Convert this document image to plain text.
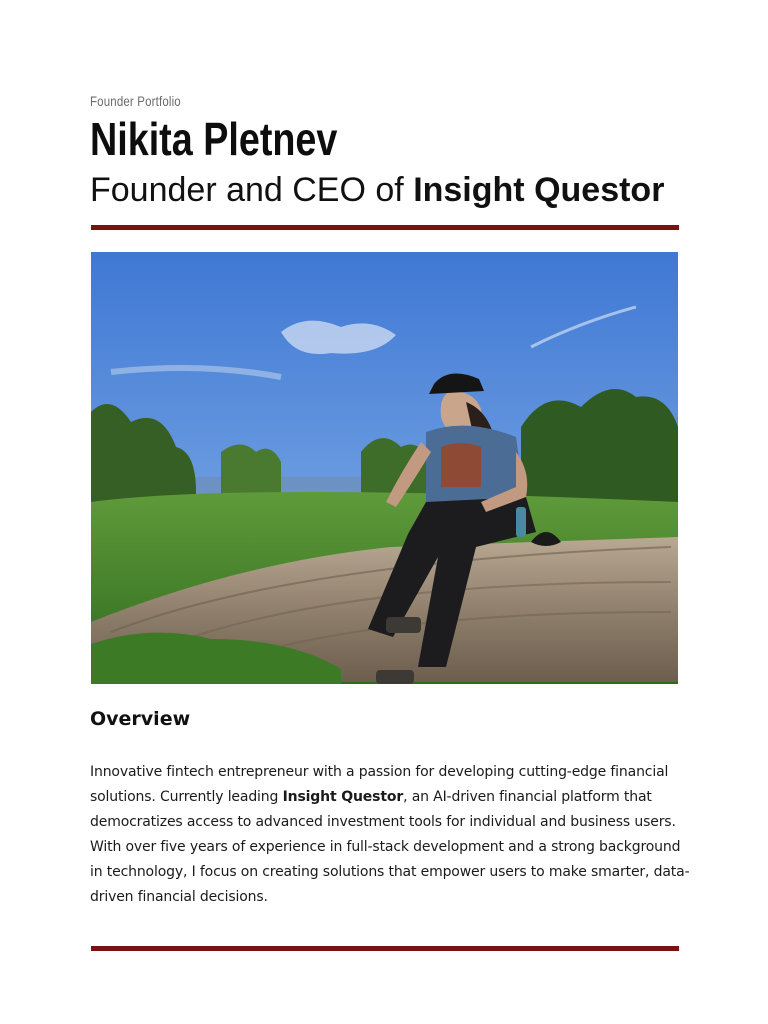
Founder Portfolio
Nikita Pletnev
Founder and CEO of Insight Questor
Overview

Innovative fintech entrepreneur with a passion for developing cutting-edge financial solutions. Currently leading Insight Questor, an AI-driven financial platform that democratizes access to advanced investment tools for individual and business users. With over five years of experience in full-stack development and a strong background in technology, I focus on creating solutions that empower users to make smarter, data-driven financial decisions.
